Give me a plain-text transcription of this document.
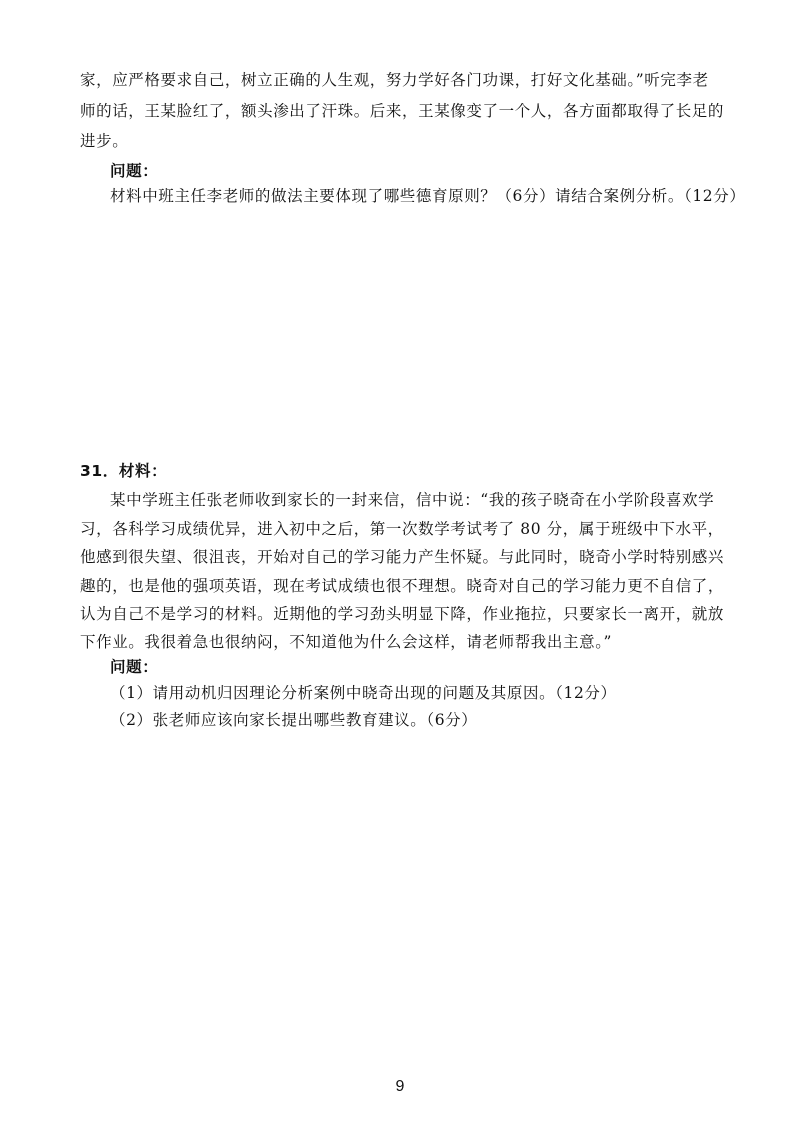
家，应严格要求自己，树立正确的人生观，努力学好各门功课，打好文化基础。”听完李老
师的话，王某脸红了，额头渗出了汗珠。后来，王某像变了一个人，各方面都取得了长足的
进步。
问题：
材料中班主任李老师的做法主要体现了哪些德育原则？（6分）请结合案例分析。（12分）
31．材料：
某中学班主任张老师收到家长的一封来信，信中说：“我的孩子晓奇在小学阶段喜欢学
习，各科学习成绩优异，进入初中之后，第一次数学考试考了 80 分，属于班级中下水平，
他感到很失望、很沮丧，开始对自己的学习能力产生怀疑。与此同时，晓奇小学时特别感兴
趣的，也是他的强项英语，现在考试成绩也很不理想。晓奇对自己的学习能力更不自信了，
认为自己不是学习的材料。近期他的学习劲头明显下降，作业拖拉，只要家长一离开，就放
下作业。我很着急也很纳闷，不知道他为什么会这样，请老师帮我出主意。”
问题：
（1）请用动机归因理论分析案例中晓奇出现的问题及其原因。（12分）
（2）张老师应该向家长提出哪些教育建议。（6分）
9
